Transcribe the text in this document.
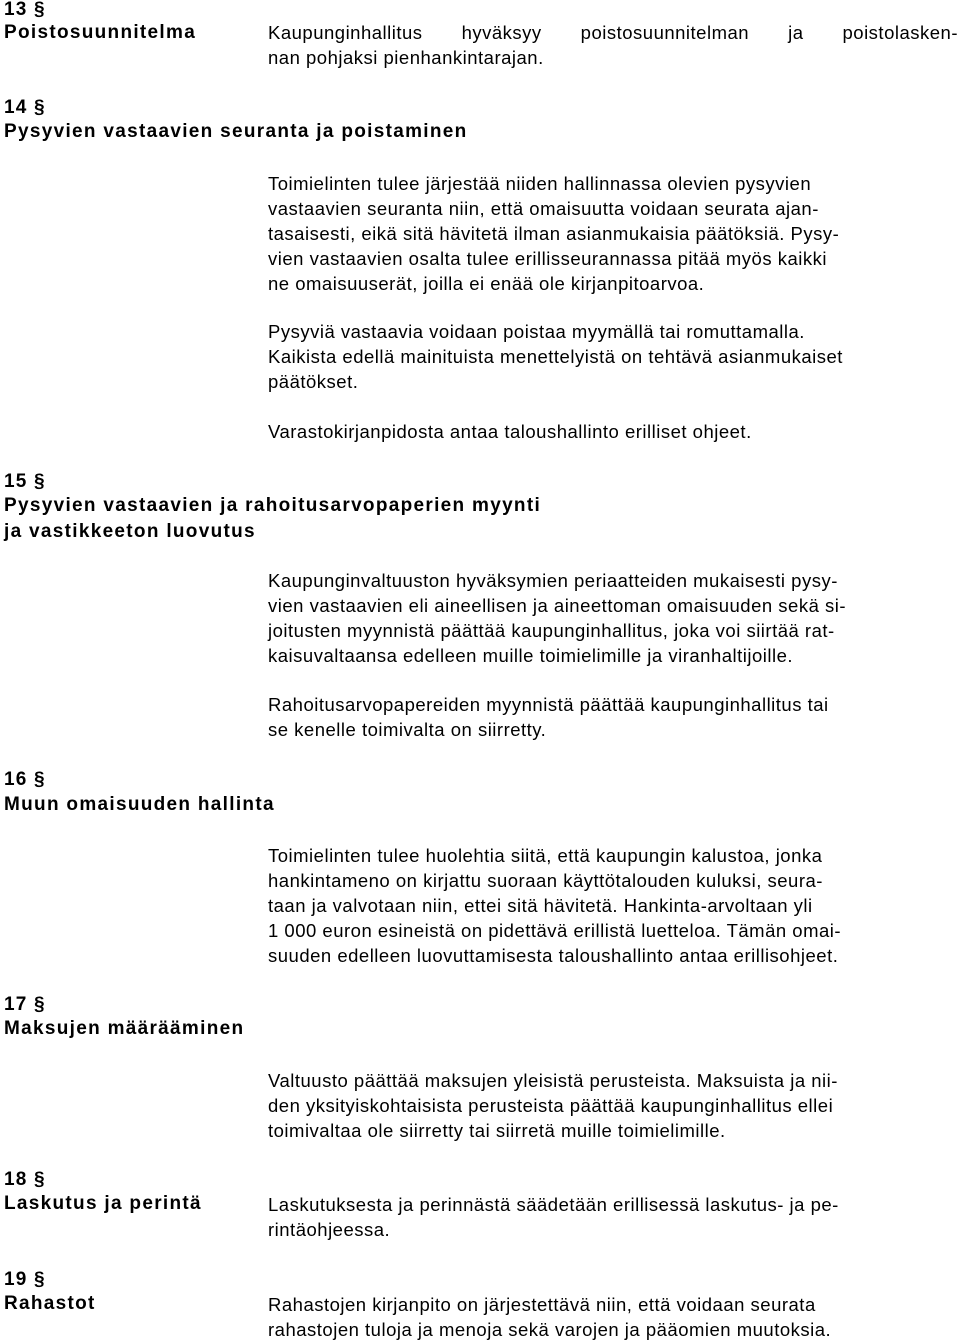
13 §
Poistosuunnitelma	Kaupunginhallitus hyväksyy poistosuunnitelman ja poistolasken-
nan pohjaksi pienhankintarajan.
14 §
Pysyvien vastaavien seuranta ja poistaminen
Toimielinten tulee järjestää niiden hallinnassa olevien pysyvien
vastaavien seuranta niin, että omaisuutta voidaan seurata ajan-
tasaisesti, eikä sitä hävitetä ilman asianmukaisia päätöksiä. Pysy-
vien vastaavien osalta tulee erillisseurannassa pitää myös kaikki
ne omaisuuserät, joilla ei enää ole kirjanpitoarvoa.
Pysyviä vastaavia voidaan poistaa myymällä tai romuttamalla.
Kaikista edellä mainituista menettelyistä on tehtävä asianmukaiset
päätökset.
Varastokirjanpidosta antaa taloushallinto erilliset ohjeet.
15 §
Pysyvien vastaavien ja rahoitusarvopaperien myynti
ja vastikkeeton luovutus
Kaupunginvaltuuston hyväksymien periaatteiden mukaisesti pysy-
vien vastaavien eli aineellisen ja aineettoman omaisuuden sekä si-
joitusten myynnistä päättää kaupunginhallitus, joka voi siirtää rat-
kaisuvaltaansa edelleen muille toimielimille ja viranhaltijoille.
Rahoitusarvopapereiden myynnistä päättää kaupunginhallitus tai
se kenelle toimivalta on siirretty.
16 §
Muun omaisuuden hallinta
Toimielinten tulee huolehtia siitä, että kaupungin kalustoa, jonka
hankintameno on kirjattu suoraan käyttötalouden kuluksi, seura-
taan ja valvotaan niin, ettei sitä hävitetä. Hankinta-arvoltaan yli
1 000 euron esineistä on pidettävä erillistä luetteloa. Tämän omai-
suuden edelleen luovuttamisesta taloushallinto antaa erillisohjeet.
17 §
Maksujen määrääminen
Valtuusto päättää maksujen yleisistä perusteista. Maksuista ja nii-
den yksityiskohtaisista perusteista päättää kaupunginhallitus ellei
toimivaltaa ole siirretty tai siirretä muille toimielimille.
18 §
Laskutus ja perintä	Laskutuksesta ja perinnästä säädetään erillisessä laskutus- ja pe-
rintäohjeessa.
19 §
Rahastot	Rahastojen kirjanpito on järjestettävä niin, että voidaan seurata
rahastojen tuloja ja menoja sekä varojen ja pääomien muutoksia.
